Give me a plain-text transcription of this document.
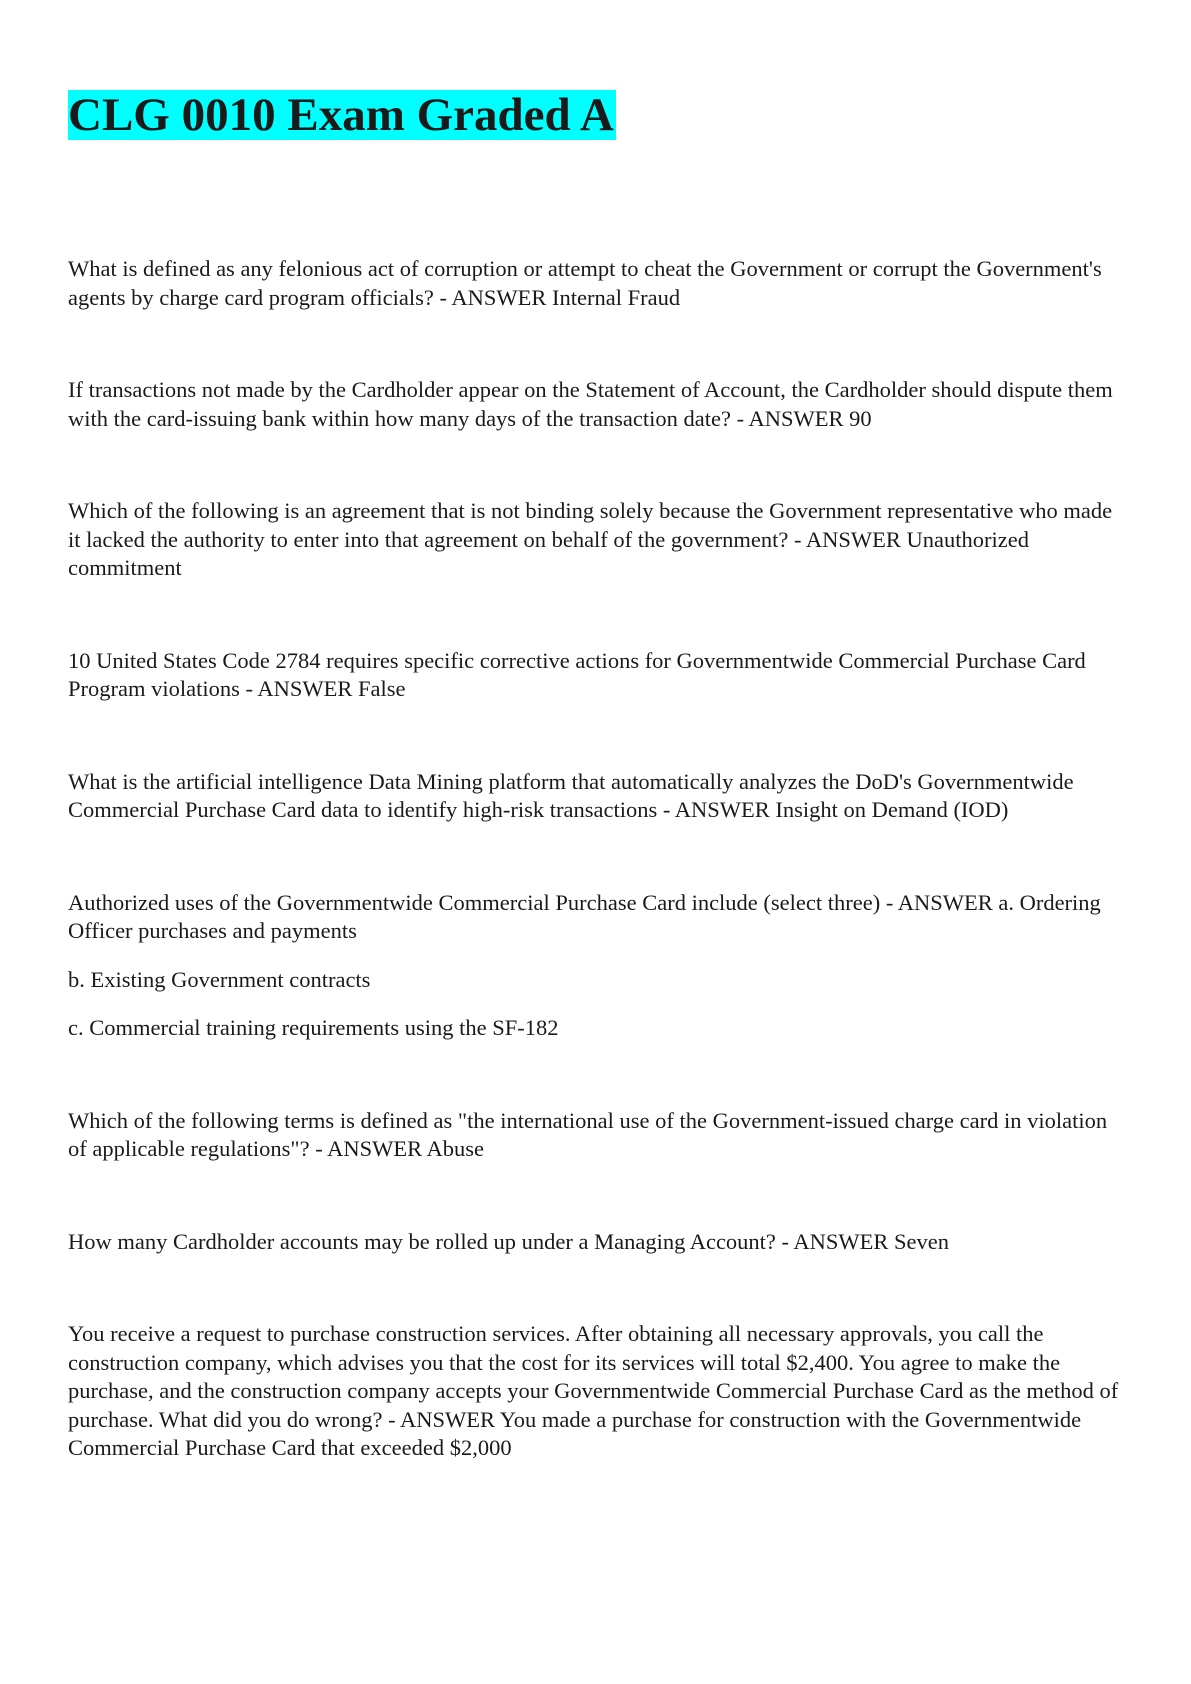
CLG 0010 Exam Graded A

What is defined as any felonious act of corruption or attempt to cheat the Government or corrupt the Government's agents by charge card program officials? - ANSWER Internal Fraud

If transactions not made by the Cardholder appear on the Statement of Account, the Cardholder should dispute them with the card-issuing bank within how many days of the transaction date? - ANSWER 90

Which of the following is an agreement that is not binding solely because the Government representative who made it lacked the authority to enter into that agreement on behalf of the government? - ANSWER Unauthorized commitment

10 United States Code 2784 requires specific corrective actions for Governmentwide Commercial Purchase Card Program violations - ANSWER False

What is the artificial intelligence Data Mining platform that automatically analyzes the DoD's Governmentwide Commercial Purchase Card data to identify high-risk transactions - ANSWER Insight on Demand (IOD)

Authorized uses of the Governmentwide Commercial Purchase Card include (select three) - ANSWER a. Ordering Officer purchases and payments

b. Existing Government contracts

c. Commercial training requirements using the SF-182

Which of the following terms is defined as "the international use of the Government-issued charge card in violation of applicable regulations"? - ANSWER Abuse

How many Cardholder accounts may be rolled up under a Managing Account? - ANSWER Seven

You receive a request to purchase construction services. After obtaining all necessary approvals, you call the construction company, which advises you that the cost for its services will total $2,400. You agree to make the purchase, and the construction company accepts your Governmentwide Commercial Purchase Card as the method of purchase. What did you do wrong? - ANSWER You made a purchase for construction with the Governmentwide Commercial Purchase Card that exceeded $2,000
